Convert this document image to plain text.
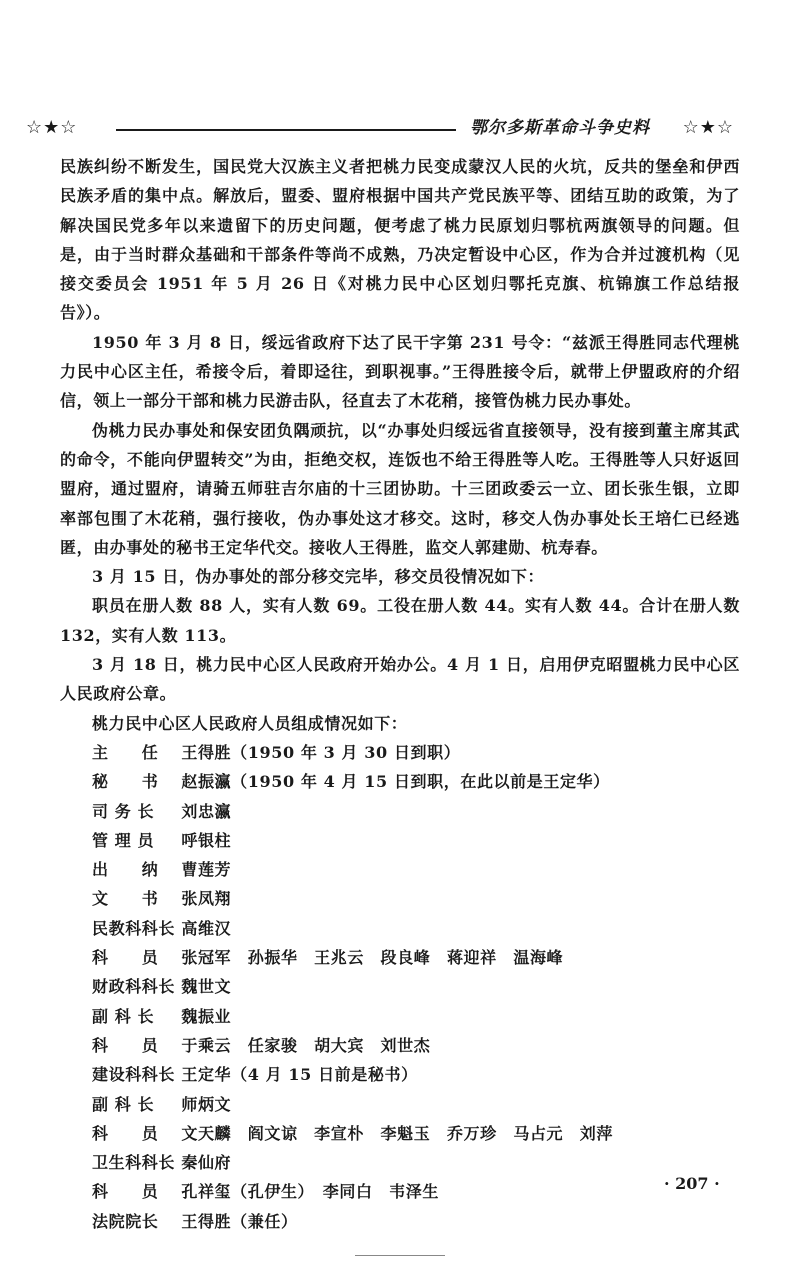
☆★☆	鄂尔多斯革命斗争史料 ☆★☆

民族纠纷不断发生，国民党大汉族主义者把桃力民变成蒙汉人民的火坑，反共的堡垒和伊西民族矛盾的集中点。解放后，盟委、盟府根据中国共产党民族平等、团结互助的政策，为了解决国民党多年以来遗留下的历史问题，便考虑了桃力民原划归鄂杭两旗领导的问题。但是，由于当时群众基础和干部条件等尚不成熟，乃决定暂设中心区，作为合并过渡机构（见接交委员会 1951 年 5 月 26 日《对桃力民中心区划归鄂托克旗、杭锦旗工作总结报告》）。

1950 年 3 月 8 日，绥远省政府下达了民干字第 231 号令：“兹派王得胜同志代理桃力民中心区主任，希接令后，着即迳往，到职视事。”王得胜接令后，就带上伊盟政府的介绍信，领上一部分干部和桃力民游击队，径直去了木花稍，接管伪桃力民办事处。

伪桃力民办事处和保安团负隅顽抗，以“办事处归绥远省直接领导，没有接到董主席其武的命令，不能向伊盟转交”为由，拒绝交权，连饭也不给王得胜等人吃。王得胜等人只好返回盟府，通过盟府，请骑五师驻吉尔庙的十三团协助。十三团政委云一立、团长张生银，立即率部包围了木花稍，强行接收，伪办事处这才移交。这时，移交人伪办事处长王培仁已经逃匿，由办事处的秘书王定华代交。接收人王得胜，监交人郭建勋、杭寿春。

3 月 15 日，伪办事处的部分移交完毕，移交员役情况如下：

职员在册人数 88 人，实有人数 69。工役在册人数 44。实有人数 44。合计在册人数 132，实有人数 113。

3 月 18 日，桃力民中心区人民政府开始办公。4 月 1 日，启用伊克昭盟桃力民中心区人民政府公章。

桃力民中心区人民政府人员组成情况如下：

主　　任 王得胜（1950 年 3 月 30 日到职）
秘　　书 赵振瀛（1950 年 4 月 15 日到职，在此以前是王定华）
司 务 长 刘忠瀛
管 理 员 呼银柱
出　　纳 曹莲芳
文　　书 张凤翔
民教科科长 高维汉
科　　员 张冠军　孙振华　王兆云　段良峰　蒋迎祥　温海峰
财政科科长 魏世文
副 科 长 魏振业
科　　员 于乘云　任家骏　胡大宾　刘世杰
建设科科长 王定华（4 月 15 日前是秘书）
副 科 长 师炳文
科　　员 文天麟　阎文谅　李宣朴　李魁玉　乔万珍　马占元　刘萍
卫生科科长 秦仙府
科　　员 孔祥玺（孔伊生）　李同白　韦泽生
法院院长 王得胜（兼任）
· 207 ·
